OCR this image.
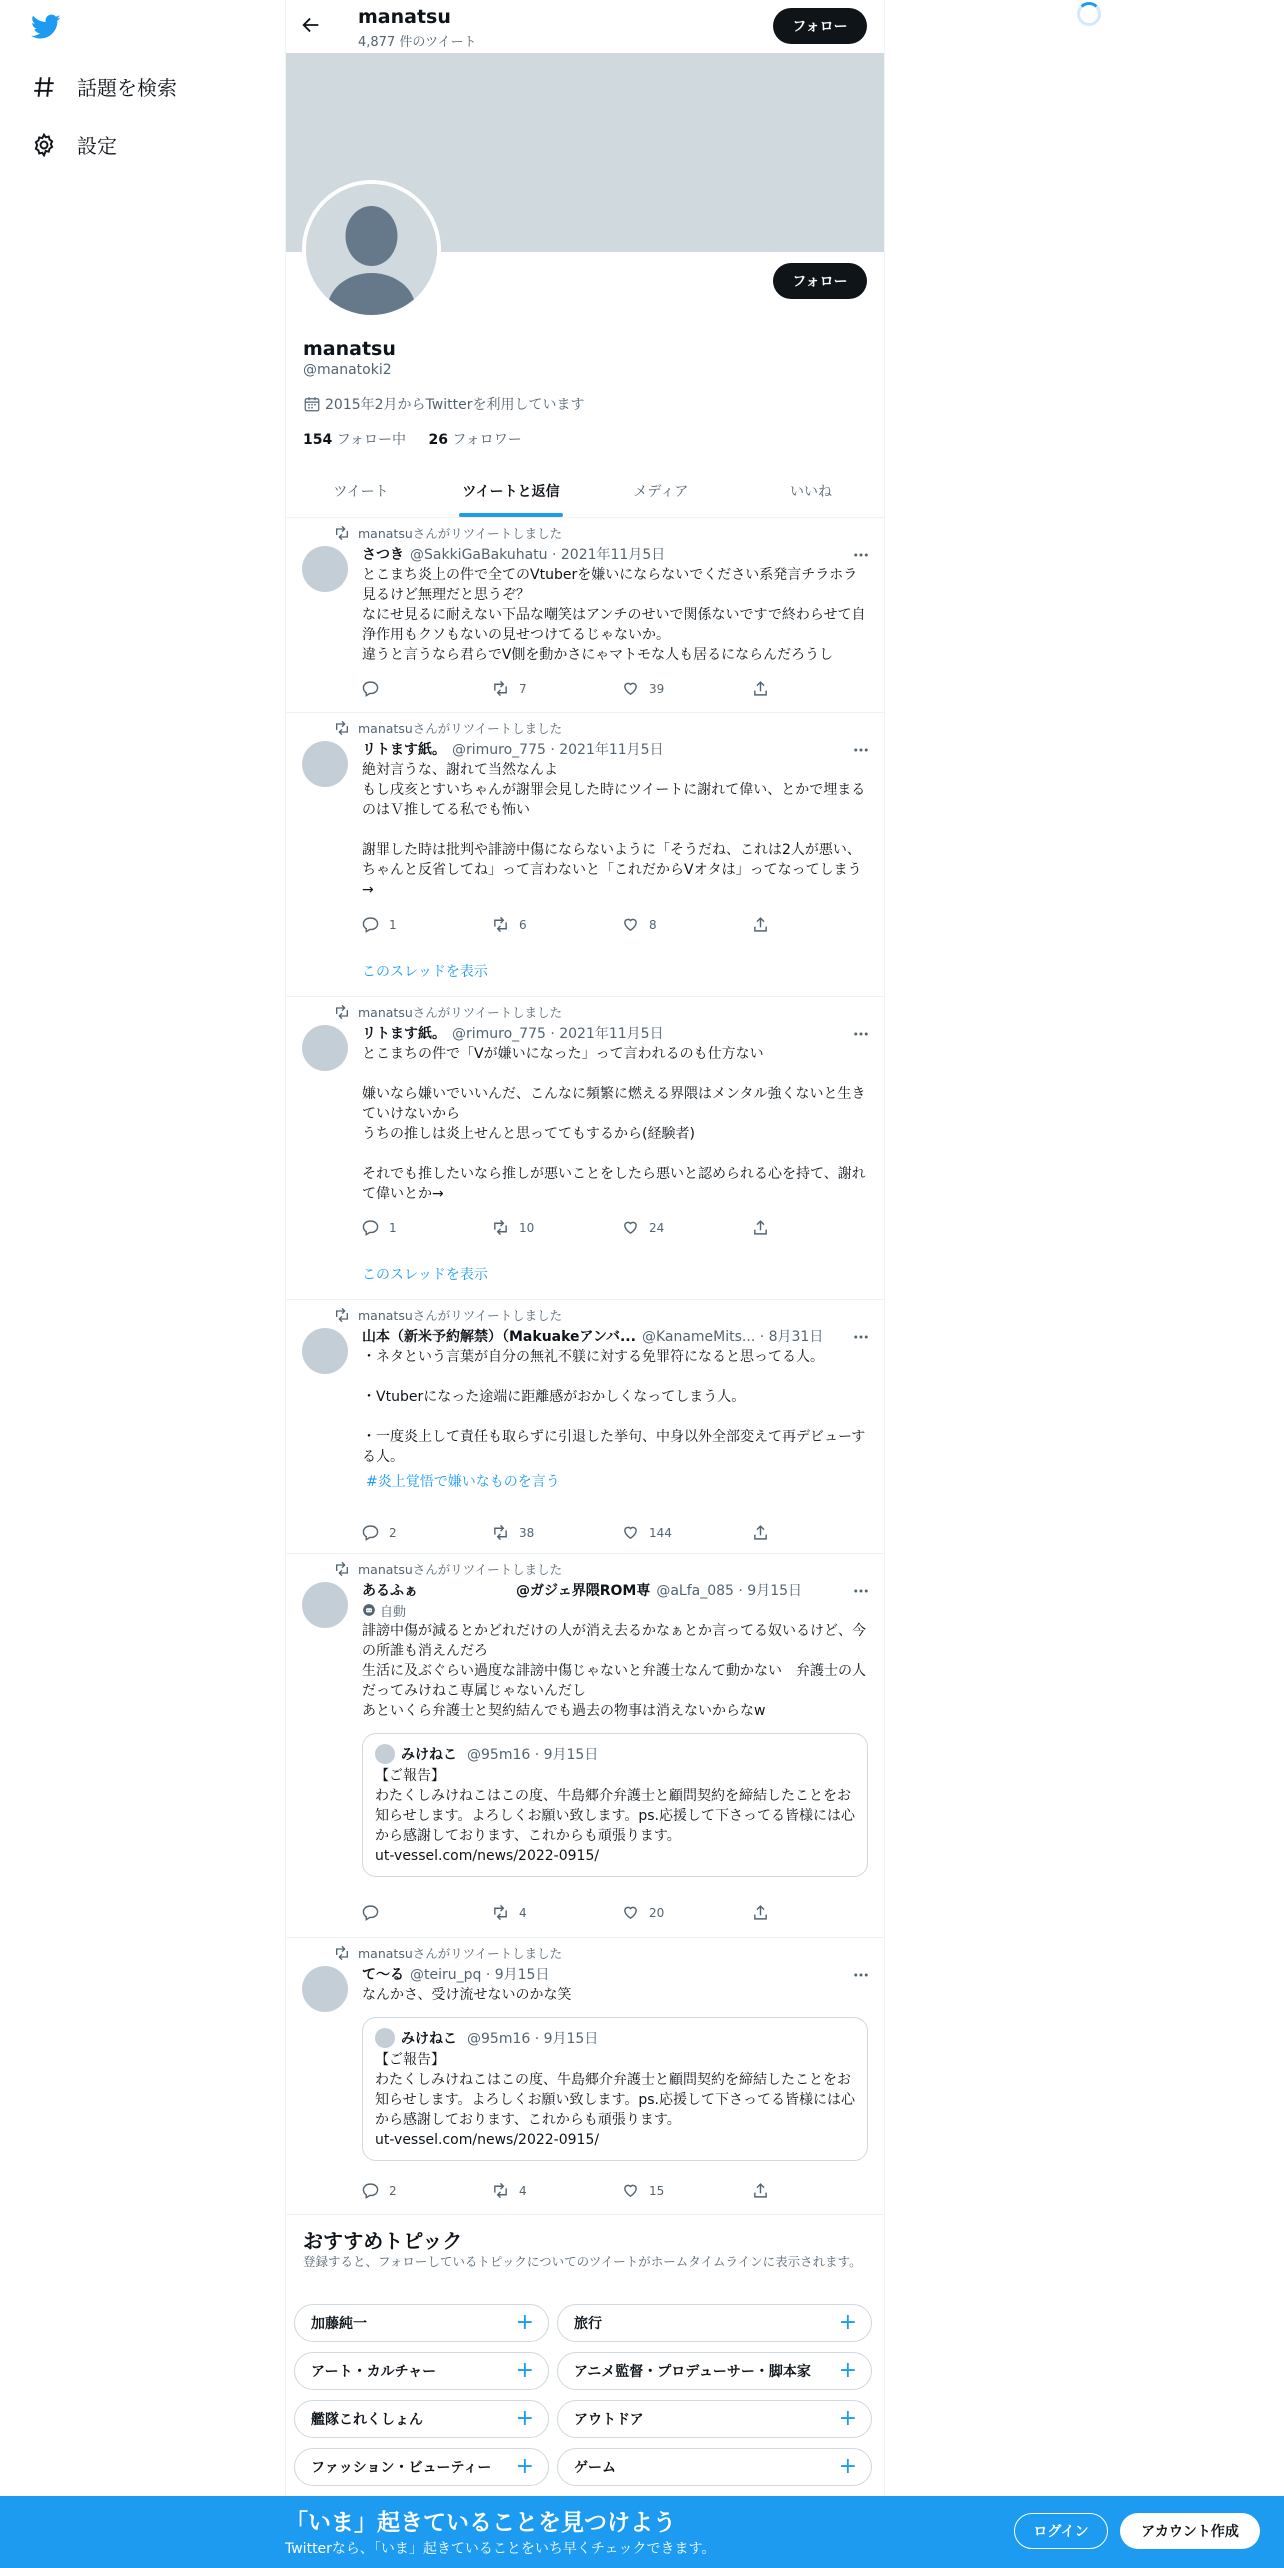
話題を検索
設定
manatsu
4,877 件のツイート
フォロー
フォロー
manatsu
@manatoki2
2015年2月からTwitterを利用しています
154 フォロー中 26 フォロワー
ツイート	ツイートと返信	メディア	いいね
manatsuさんがリツイートしました
さつき @SakkiGaBakuhatu · 2021年11月5日
とこまち炎上の件で全てのVtuberを嫌いにならないでください系発言チラホラ見るけど無理だと思うぞ？
なにせ見るに耐えない下品な嘲笑はアンチのせいで関係ないですで終わらせて自浄作用もクソもないの見せつけてるじゃないか。
違うと言うなら君らでV側を動かさにゃマトモな人も居るにならんだろうし
7	39
manatsuさんがリツイートしました
リトます紙。 @rimuro_775 · 2021年11月5日
絶対言うな、謝れて当然なんよ
もし戌亥とすいちゃんが謝罪会見した時にツイートに謝れて偉い、とかで埋まるのはＶ推してる私でも怖い

謝罪した時は批判や誹謗中傷にならないように「そうだね、これは2人が悪い、ちゃんと反省してね」って言わないと「これだからVオタは」ってなってしまう→
1	6	8
このスレッドを表示
manatsuさんがリツイートしました
リトます紙。 @rimuro_775 · 2021年11月5日
とこまちの件で「Vが嫌いになった」って言われるのも仕方ない

嫌いなら嫌いでいいんだ、こんなに頻繁に燃える界隈はメンタル強くないと生きていけないから
うちの推しは炎上せんと思っててもするから(経験者)

それでも推したいなら推しが悪いことをしたら悪いと認められる心を持て、謝れて偉いとか→
1	10	24
このスレッドを表示
manatsuさんがリツイートしました
山本（新米予約解禁）（Makuakeアンバ... @KanameMits... · 8月31日
・ネタという言葉が自分の無礼不躾に対する免罪符になると思ってる人。

・Vtuberになった途端に距離感がおかしくなってしまう人。

・一度炎上して責任も取らずに引退した挙句、中身以外全部変えて再デビューする人。
#炎上覚悟で嫌いなものを言う
2	38	144
manatsuさんがリツイートしました
あるふぁ　　　　　　　@ガジェ界隈ROM専 @aLfa_085 · 9月15日
自動
誹謗中傷が減るとかどれだけの人が消え去るかなぁとか言ってる奴いるけど、今の所誰も消えんだろ
生活に及ぶぐらい過度な誹謗中傷じゃないと弁護士なんて動かない　弁護士の人だってみけねこ専属じゃないんだし
あといくら弁護士と契約結んでも過去の物事は消えないからなw
みけねこ @95m16 · 9月15日
【ご報告】
わたくしみけねこはこの度、牛島郷介弁護士と顧問契約を締結したことをお知らせします。よろしくお願い致します。ps.応援して下さってる皆様には心から感謝しております、これからも頑張ります。
ut-vessel.com/news/2022-0915/
4	20
manatsuさんがリツイートしました
て～る @teiru_pq · 9月15日
なんかさ、受け流せないのかな笑
みけねこ @95m16 · 9月15日
【ご報告】
わたくしみけねこはこの度、牛島郷介弁護士と顧問契約を締結したことをお知らせします。よろしくお願い致します。ps.応援して下さってる皆様には心から感謝しております、これからも頑張ります。
ut-vessel.com/news/2022-0915/
2	4	15
おすすめトピック
登録すると、フォローしているトピックについてのツイートがホームタイムラインに表示されます。
加藤純一	+	旅行	+
アート・カルチャー	+	アニメ監督・プロデューサー・脚本家 +
艦隊これくしょん	+	アウトドア	+
ファッション・ビューティー +	ゲーム	+
「いま」起きていることを見つけよう
Twitterなら、「いま」起きていることをいち早くチェックできます。
ログイン	アカウント作成
